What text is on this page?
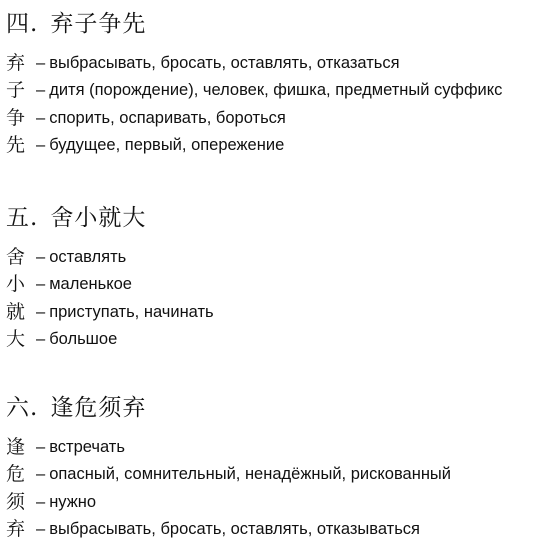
四. 弃子争先
弃 – выбрасывать, бросать, оставлять, отказаться
子 – дитя (порождение), человек, фишка, предметный суффикс
争 – спорить, оспаривать, бороться
先 – будущее, первый, опережение
五. 舍小就大
舍 – оставлять
小 – маленькое
就 – приступать, начинать
大 – большое
六. 逢危须弃
逢 – встречать
危 – опасный, сомнительный, ненадёжный, рискованный
须 – нужно
弃 – выбрасывать, бросать, оставлять, отказываться
